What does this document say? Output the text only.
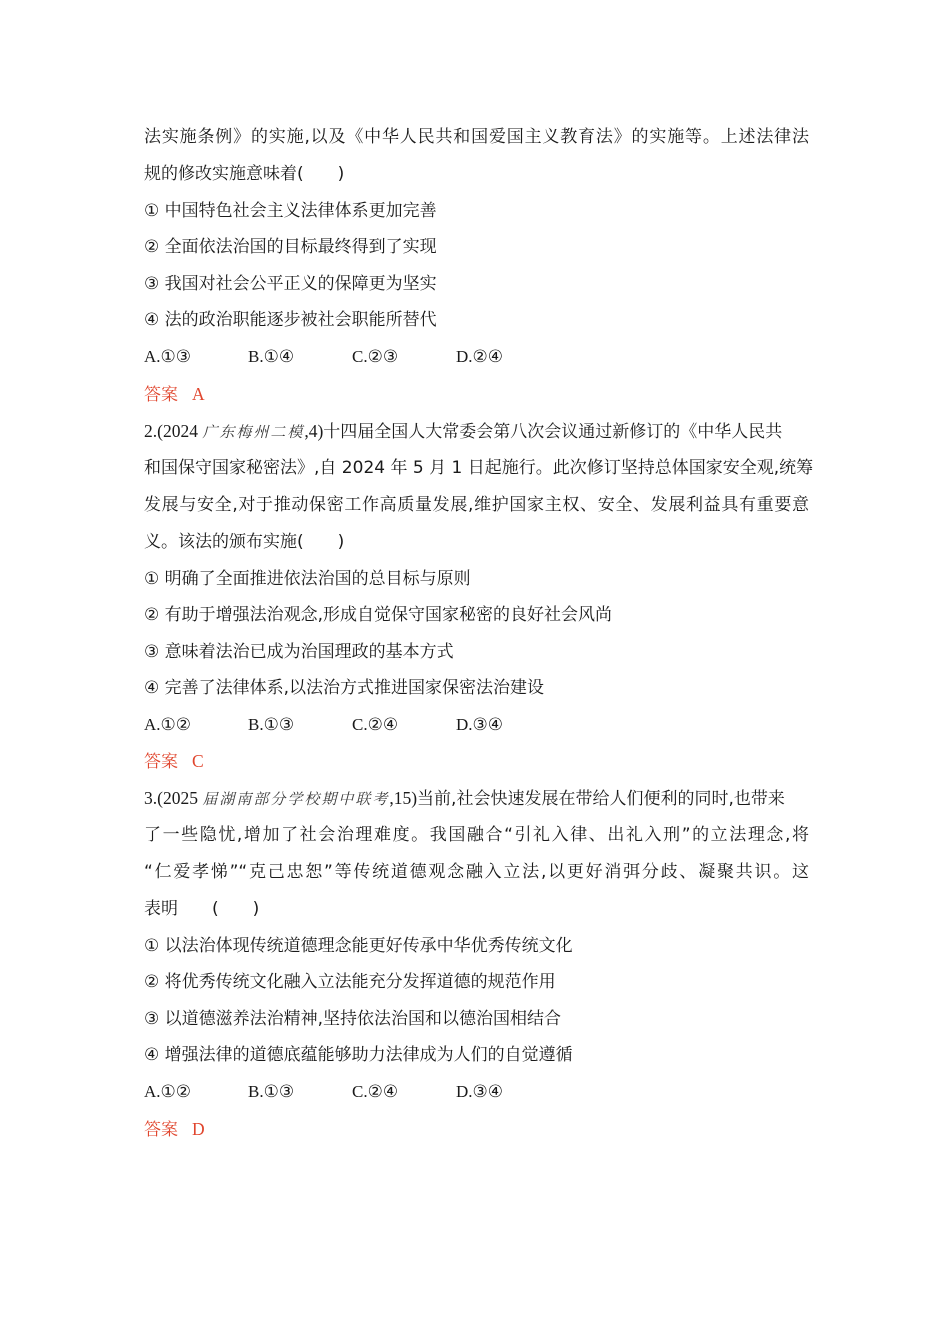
法实施条例》的实施,以及《中华人民共和国爱国主义教育法》的实施等。上述法律法
规的修改实施意味着(　　)
① 中国特色社会主义法律体系更加完善
② 全面依法治国的目标最终得到了实现
③ 我国对社会公平正义的保障更为坚实
④ 法的政治职能逐步被社会职能所替代
A.①③	B.①④	C.②③	D.②④
答案 A
2.(2024 广东梅州二模,4)十四届全国人大常委会第八次会议通过新修订的《中华人民共
和国保守国家秘密法》,自 2024 年 5 月 1 日起施行。此次修订坚持总体国家安全观,统筹
发展与安全,对于推动保密工作高质量发展,维护国家主权、安全、发展利益具有重要意
义。该法的颁布实施(　　)
① 明确了全面推进依法治国的总目标与原则
② 有助于增强法治观念,形成自觉保守国家秘密的良好社会风尚
③ 意味着法治已成为治国理政的基本方式
④ 完善了法律体系,以法治方式推进国家保密法治建设
A.①②	B.①③	C.②④	D.③④
答案 C
3.(2025 届湖南部分学校期中联考,15)当前,社会快速发展在带给人们便利的同时,也带来
了一些隐忧,增加了社会治理难度。我国融合“引礼入律、出礼入刑”的立法理念,将
“仁爱孝悌”“克己忠恕”等传统道德观念融入立法,以更好消弭分歧、凝聚共识。这
表明　　(　　)
① 以法治体现传统道德理念能更好传承中华优秀传统文化
② 将优秀传统文化融入立法能充分发挥道德的规范作用
③ 以道德滋养法治精神,坚持依法治国和以德治国相结合
④ 增强法律的道德底蕴能够助力法律成为人们的自觉遵循
A.①②	B.①③	C.②④	D.③④
答案 D
